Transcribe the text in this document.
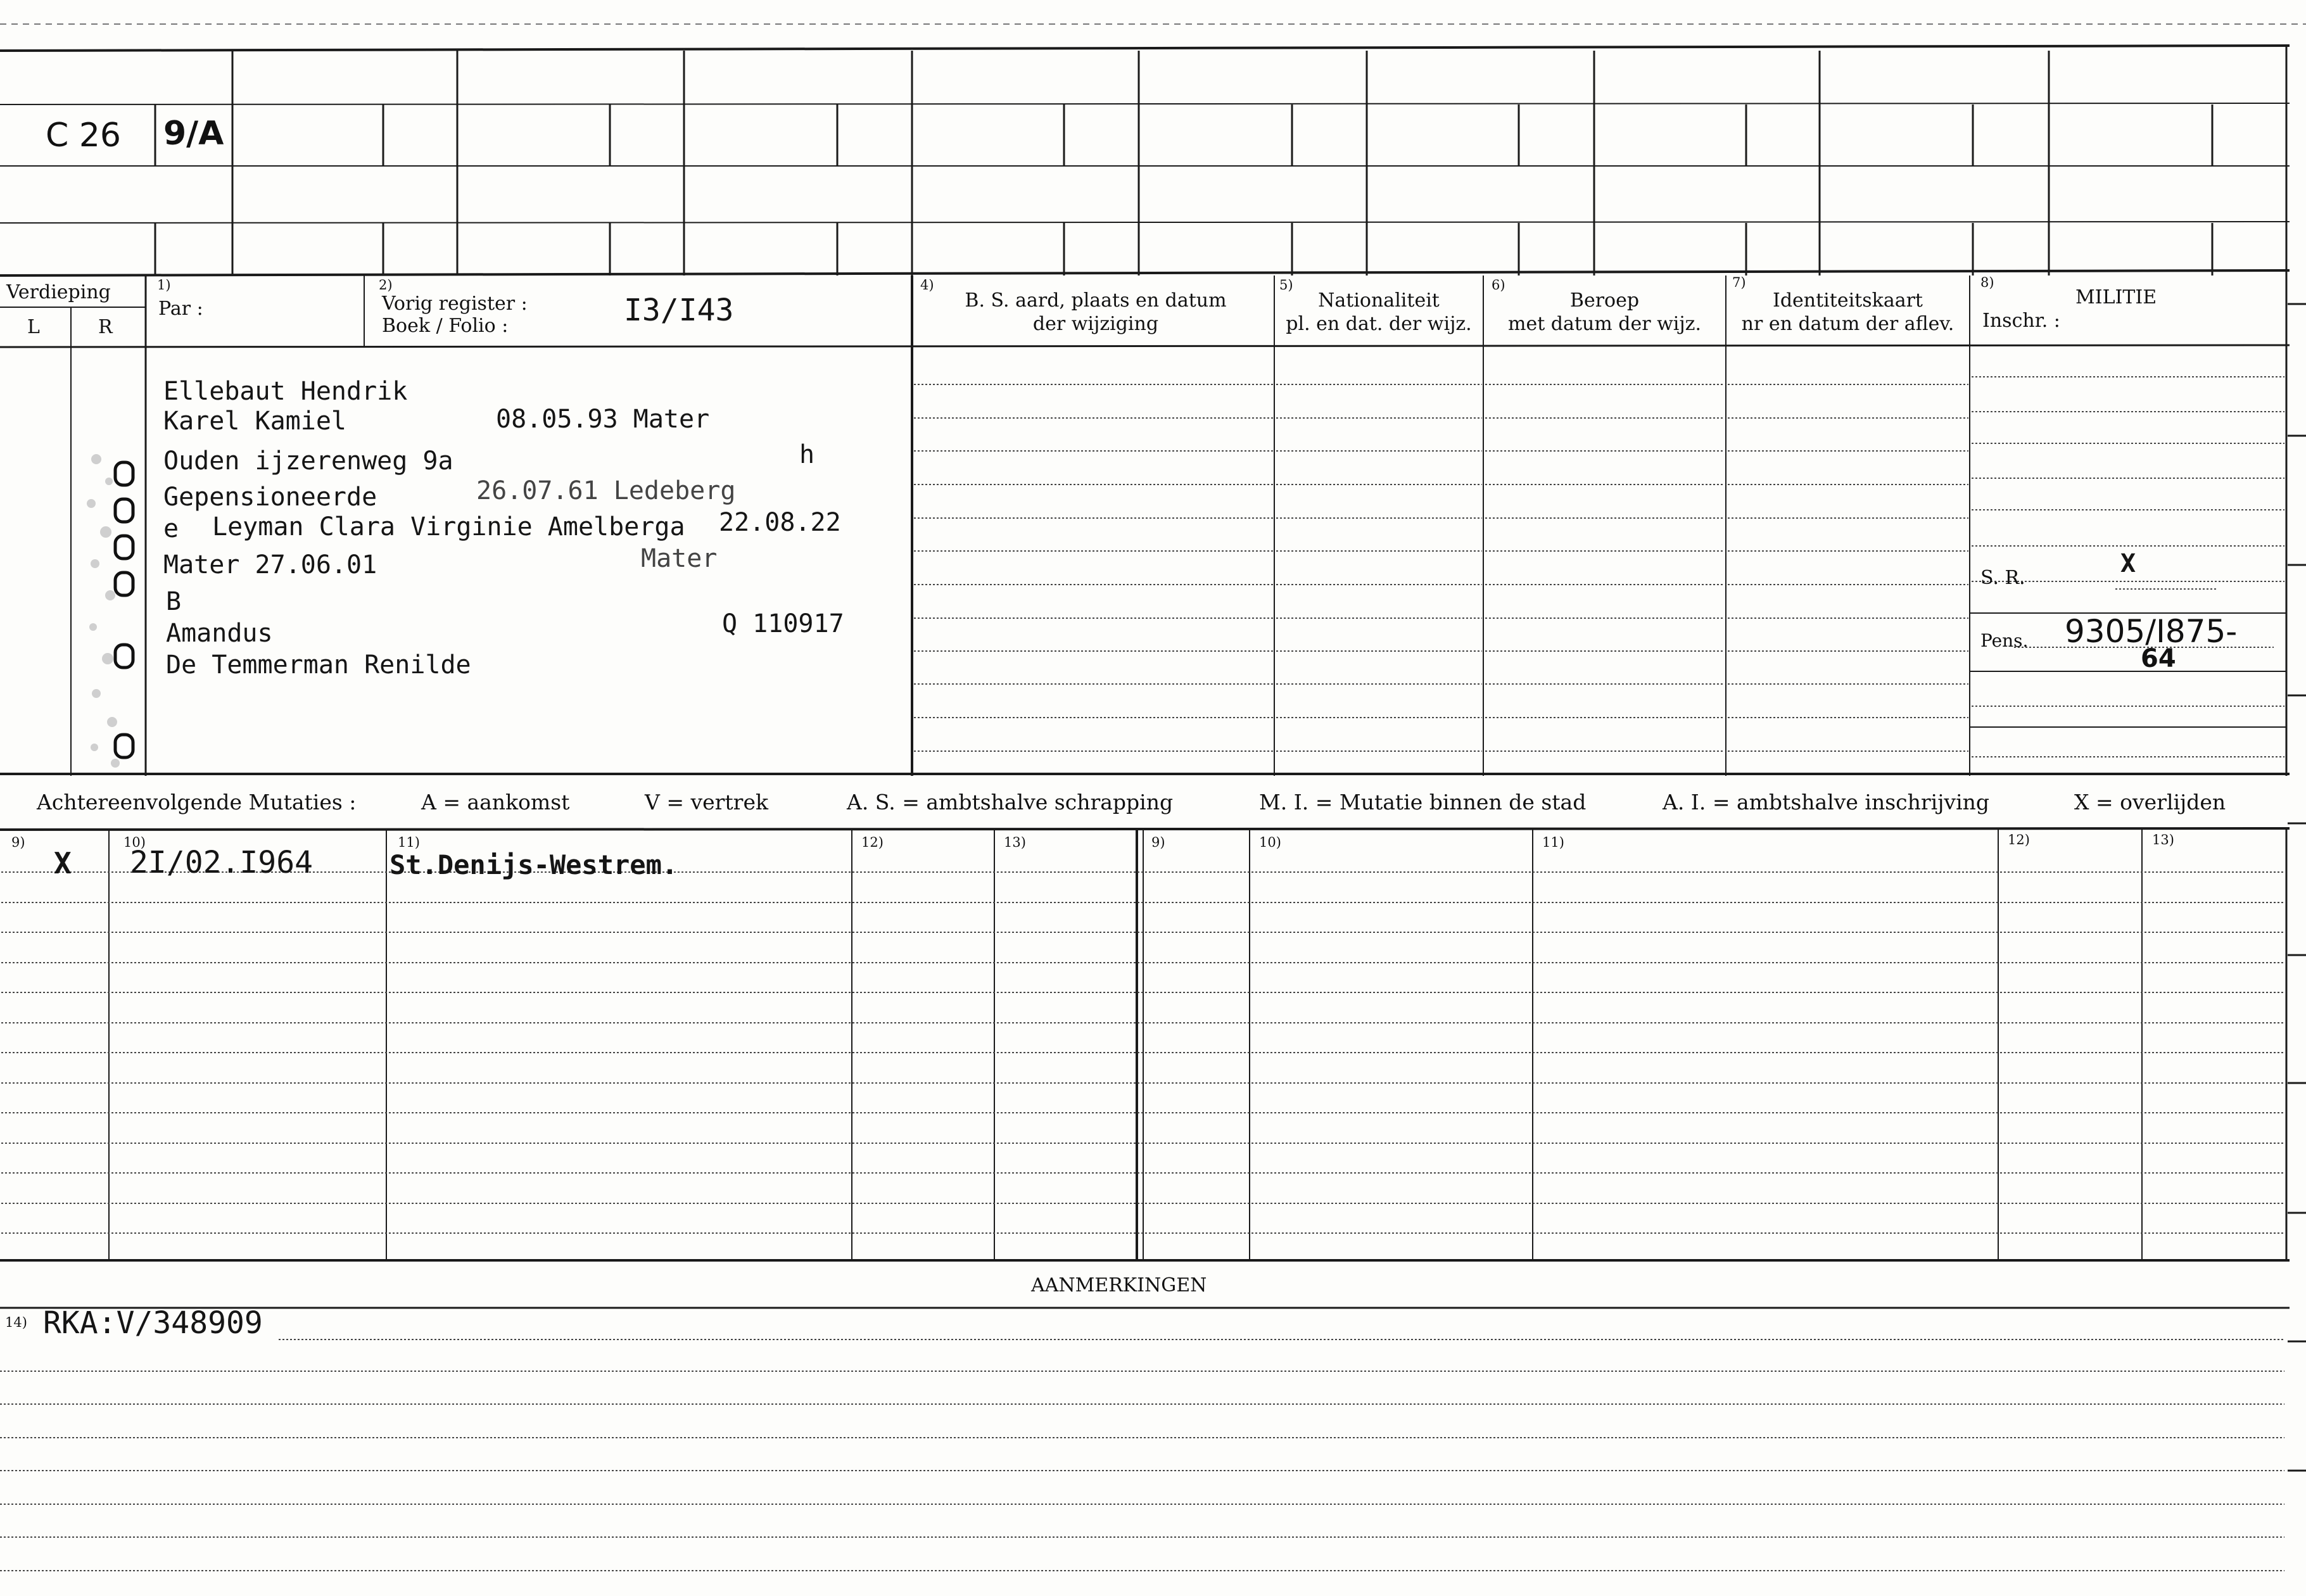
C 26 9/A
Verdieping
L	R
1)
Par :
2)
Vorig register :
Boek / Folio :	I3/I43
4)
B. S. aard, plaats en datum
der wijziging
5)
Nationaliteit
pl. en dat. der wijz.
6)
Beroep
met datum der wijz.
7)
Identiteitskaart
nr en datum der aflev.
8)
MILITIE
Inschr. :
Ellebaut Hendrik
Karel Kamiel	08.05.93 Mater
Ouden ijzerenweg 9a	h
Gepensioneerde	26.07.61 Ledeberg
e Leyman Clara Virginie Amelberga 22.08.22
Mater 27.06.01	Mater
B
Amandus	Q 110917
De Temmerman Renilde
S. R.	X
Pens. 9305/I875-
64
Achtereenvolgende Mutaties :	A = aankomst	V = vertrek	A. S. = ambtshalve schrapping	M. I. = Mutatie binnen de stad	A. I. = ambtshalve inschrijving	X = overlijden
9)	10)	11)	12)	13)	9)	10)	11)	12)	13)
X 2I/02.I964	St.Denijs-Westrem.
AANMERKINGEN
14) RKA:V/348909
